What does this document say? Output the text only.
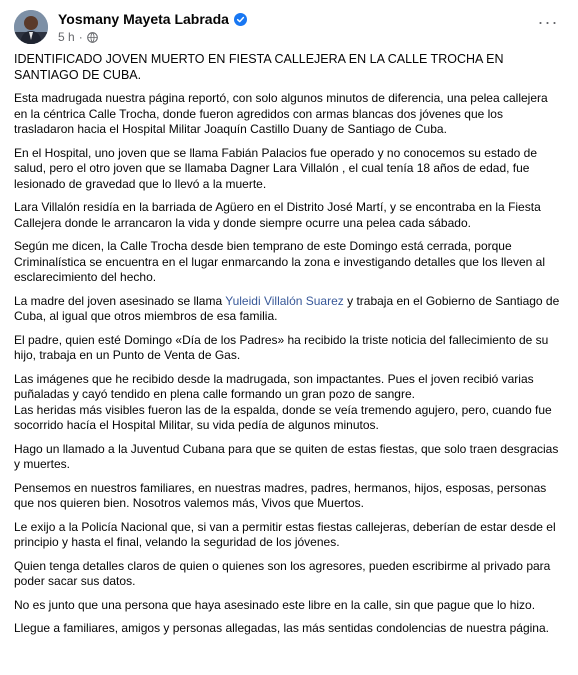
Yosmany Mayeta Labrada
5 h ·
···

IDENTIFICADO JOVEN MUERTO EN FIESTA CALLEJERA EN LA CALLE TROCHA EN SANTIAGO DE CUBA.

Esta madrugada nuestra página reportó, con solo algunos minutos de diferencia, una pelea callejera en la céntrica Calle Trocha, donde fueron agredidos con armas blancas dos jóvenes que los trasladaron hacia el Hospital Militar Joaquín Castillo Duany de Santiago de Cuba.

En el Hospital, uno joven que se llama Fabián Palacios fue operado y no conocemos su estado de salud, pero el otro joven que se llamaba Dagner Lara Villalón , el cual tenía 18 años de edad, fue lesionado de gravedad que lo llevó a la muerte.

Lara Villalón residía en la barriada de Agüero en el Distrito José Martí, y se encontraba en la Fiesta Callejera donde le arrancaron la vida y donde siempre ocurre una pelea cada sábado.

Según me dicen, la Calle Trocha desde bien temprano de este Domingo está cerrada, porque Criminalística se encuentra en el lugar enmarcando la zona e investigando detalles que los lleven al esclarecimiento del hecho.

La madre del joven asesinado se llama Yuleidi Villalón Suarez y trabaja en el Gobierno de Santiago de Cuba, al igual que otros miembros de esa familia.

El padre, quien esté Domingo «Día de los Padres» ha recibido la triste noticia del fallecimiento de su hijo, trabaja en un Punto de Venta de Gas.

Las imágenes que he recibido desde la madrugada, son impactantes. Pues el joven recibió varias puñaladas y cayó tendido en plena calle formando un gran pozo de sangre.

Las heridas más visibles fueron las de la espalda, donde se veía tremendo agujero, pero, cuando fue socorrido hacía el Hospital Militar, su vida pedía de algunos minutos.

Hago un llamado a la Juventud Cubana para que se quiten de estas fiestas, que solo traen desgracias y muertes.

Pensemos en nuestros familiares, en nuestras madres, padres, hermanos, hijos, esposas, personas que nos quieren bien. Nosotros valemos más, Vivos que Muertos.

Le exijo a la Policía Nacional que, si van a permitir estas fiestas callejeras, deberían de estar desde el principio y hasta el final, velando la seguridad de los jóvenes.

Quien tenga detalles claros de quien o quienes son los agresores, pueden escribirme al privado para poder sacar sus datos.

No es junto que una persona que haya asesinado este libre en la calle, sin que pague que lo hizo.

Llegue a familiares, amigos y personas allegadas, las más sentidas condolencias de nuestra página.
